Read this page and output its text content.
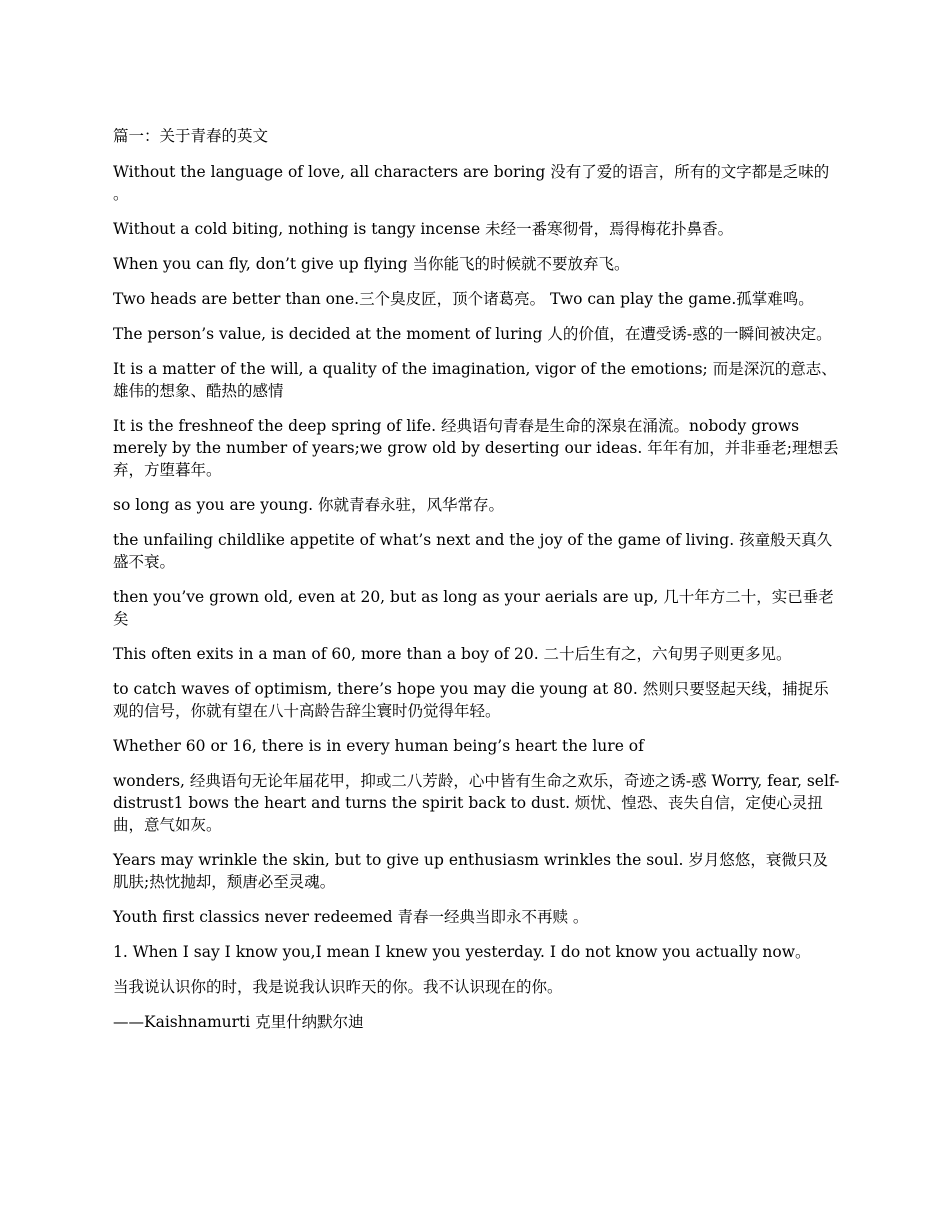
篇一：关于青春的英文

Without the language of love, all characters are boring 没有了爱的语言，所有的文字都是乏味的 。

Without a cold biting, nothing is tangy incense 未经一番寒彻骨，焉得梅花扑鼻香。

When you can fly, don’t give up flying 当你能飞的时候就不要放弃飞。

Two heads are better than one.三个臭皮匠，顶个诸葛亮。 Two can play the game.孤掌难鸣。

The person’s value, is decided at the moment of luring 人的价值，在遭受诱-惑的一瞬间被决定。

It is a matter of the will, a quality of the imagination, vigor of the emotions; 而是深沉的意志、雄伟的想象、酷热的感情

It is the freshneof the deep spring of life. 经典语句青春是生命的深泉在涌流。nobody grows merely by the number of years;we grow old by deserting our ideas. 年年有加，并非垂老;理想丢弃，方堕暮年。

so long as you are young. 你就青春永驻，风华常存。

the unfailing childlike appetite of what’s next and the joy of the game of living. 孩童般天真久盛不衰。

then you’ve grown old, even at 20, but as long as your aerials are up, 几十年方二十，实已垂老矣

This often exits in a man of 60, more than a boy of 20. 二十后生有之，六旬男子则更多见。

to catch waves of optimism, there’s hope you may die young at 80. 然则只要竖起天线，捕捉乐观的信号，你就有望在八十高龄告辞尘寰时仍觉得年轻。

Whether 60 or 16, there is in every human being’s heart the lure of

wonders, 经典语句无论年届花甲，抑或二八芳龄，心中皆有生命之欢乐，奇迹之诱-惑 Worry, fear, self-distrust1 bows the heart and turns the spirit back to dust. 烦忧、惶恐、丧失自信，定使心灵扭曲，意气如灰。

Years may wrinkle the skin, but to give up enthusiasm wrinkles the soul. 岁月悠悠，衰微只及肌肤;热忱抛却，颓唐必至灵魂。

Youth first classics never redeemed 青春一经典当即永不再赎 。

1. When I say I know you,I mean I knew you yesterday. I do not know you actually now。

当我说认识你的时，我是说我认识昨天的你。我不认识现在的你。

——Kaishnamurti 克里什纳默尔迪
